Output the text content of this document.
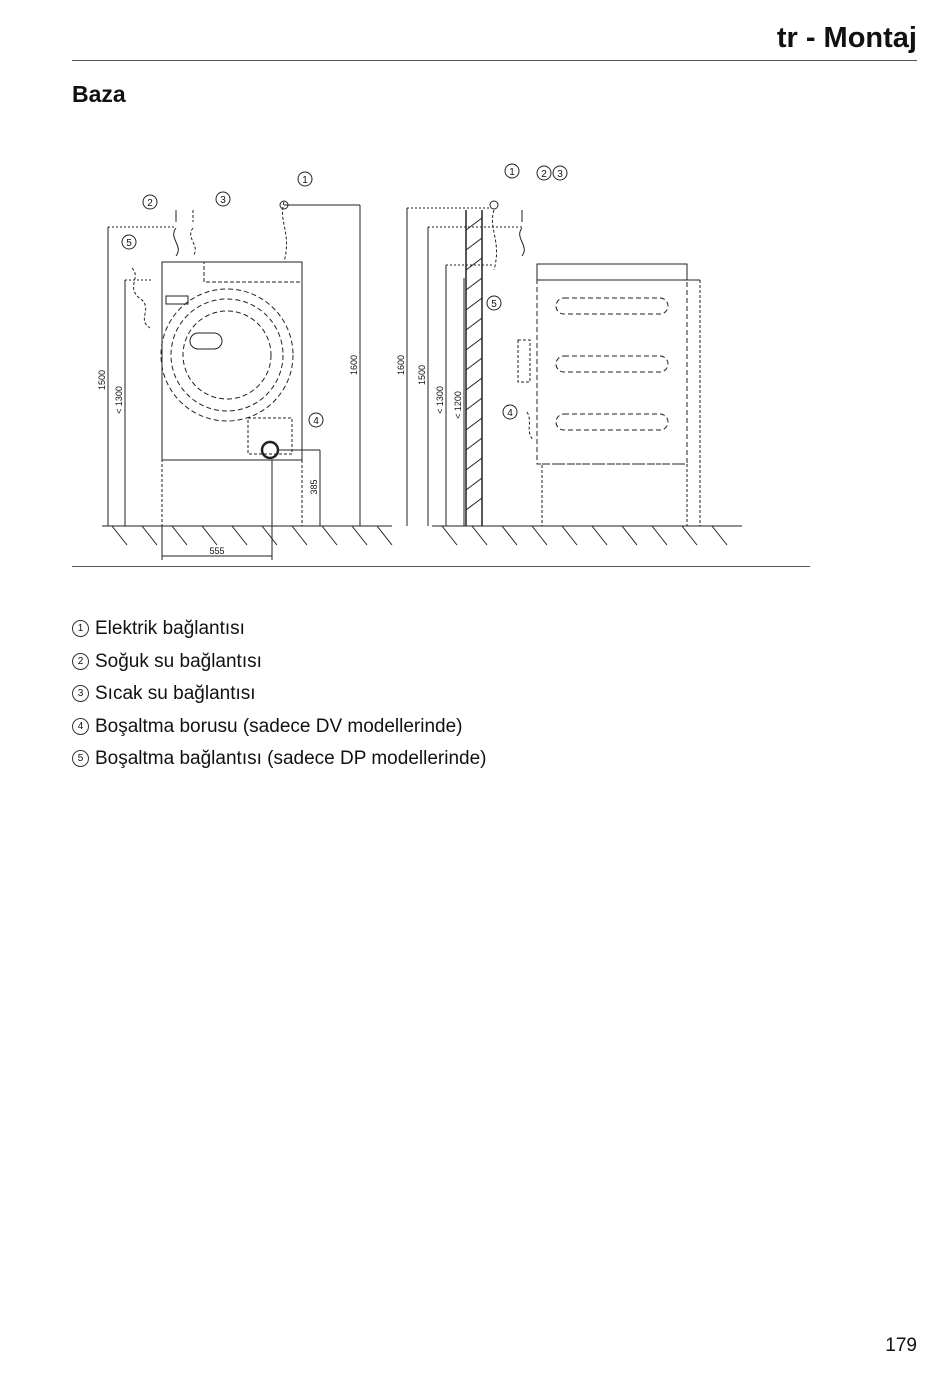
tr - Montaj
Baza
1
2	3
5
4
1	2 3
5
4
1500
< 1300
1600
385
555
1600 1500
< 1300 < 1200
1 Elektrik bağlantısı
2 Soğuk su bağlantısı
3 Sıcak su bağlantısı
4 Boşaltma borusu (sadece DV modellerinde)
5 Boşaltma bağlantısı (sadece DP modellerinde)
179
